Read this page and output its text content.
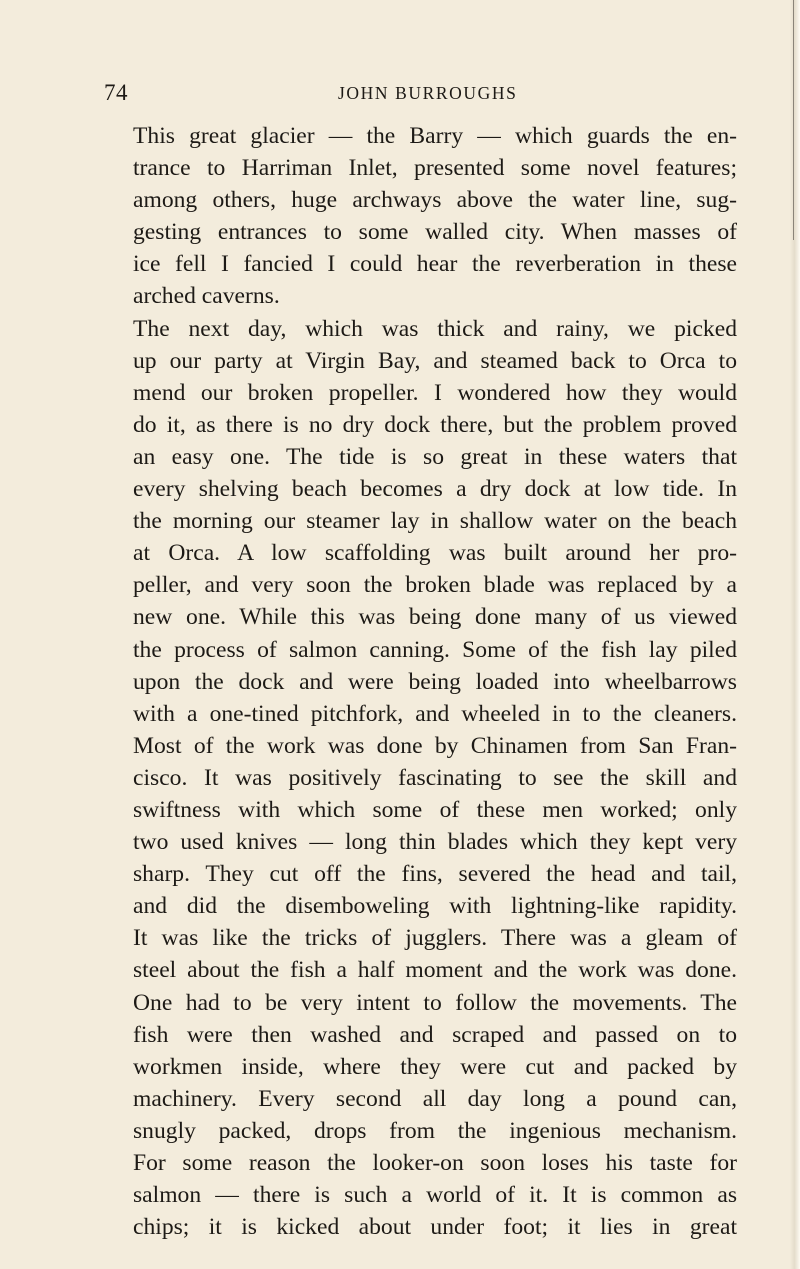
74	JOHN BURROUGHS
This great glacier — the Barry — which guards the en-
trance to Harriman Inlet, presented some novel features;
among others, huge archways above the water line, sug-
gesting entrances to some walled city. When masses of
ice fell I fancied I could hear the reverberation in these
arched caverns.
The next day, which was thick and rainy, we picked
up our party at Virgin Bay, and steamed back to Orca to
mend our broken propeller. I wondered how they would
do it, as there is no dry dock there, but the problem proved
an easy one. The tide is so great in these waters that
every shelving beach becomes a dry dock at low tide. In
the morning our steamer lay in shallow water on the beach
at Orca. A low scaffolding was built around her pro-
peller, and very soon the broken blade was replaced by a
new one. While this was being done many of us viewed
the process of salmon canning. Some of the fish lay piled
upon the dock and were being loaded into wheelbarrows
with a one-tined pitchfork, and wheeled in to the cleaners.
Most of the work was done by Chinamen from San Fran-
cisco. It was positively fascinating to see the skill and
swiftness with which some of these men worked; only
two used knives — long thin blades which they kept very
sharp. They cut off the fins, severed the head and tail,
and did the disemboweling with lightning-like rapidity.
It was like the tricks of jugglers. There was a gleam of
steel about the fish a half moment and the work was done.
One had to be very intent to follow the movements. The
fish were then washed and scraped and passed on to
workmen inside, where they were cut and packed by
machinery. Every second all day long a pound can,
snugly packed, drops from the ingenious mechanism.
For some reason the looker-on soon loses his taste for
salmon — there is such a world of it. It is common as
chips; it is kicked about under foot; it lies in great
